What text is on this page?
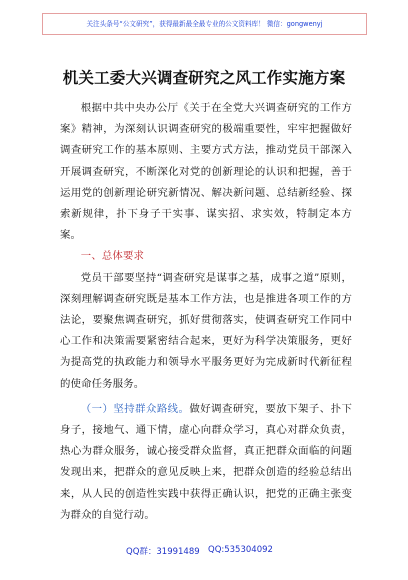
关注头条号“公文研究”，获得最新最全最专业的公文资料库！ 微信：gongwenyj
机关工委大兴调查研究之风工作实施方案

根据中共中央办公厅《关于在全党大兴调查研究的工作方案》精神，为深刻认识调查研究的极端重要性，牢牢把握做好调查研究工作的基本原则、主要方式方法，推动党员干部深入开展调查研究，不断深化对党的创新理论的认识和把握，善于运用党的创新理论研究新情况、解决新问题、总结新经验、探索新规律，扑下身子干实事、谋实招、求实效，特制定本方案。

一、总体要求

党员干部要坚持“调查研究是谋事之基，成事之道”原则，深刻理解调查研究既是基本工作方法，也是推进各项工作的方法论，要聚焦调查研究，抓好贯彻落实，使调查研究工作同中心工作和决策需要紧密结合起来，更好为科学决策服务，更好为提高党的执政能力和领导水平服务更好为完成新时代新征程的使命任务服务。

（一）坚持群众路线。做好调查研究，要放下架子、扑下身子，接地气、通下情，虚心向群众学习，真心对群众负责，热心为群众服务，诚心接受群众监督，真正把群众面临的问题发现出来，把群众的意见反映上来，把群众创造的经验总结出来，从人民的创造性实践中获得正确认识，把党的正确主张变为群众的自觉行动。

QQ群：31991489 QQ:535304092
